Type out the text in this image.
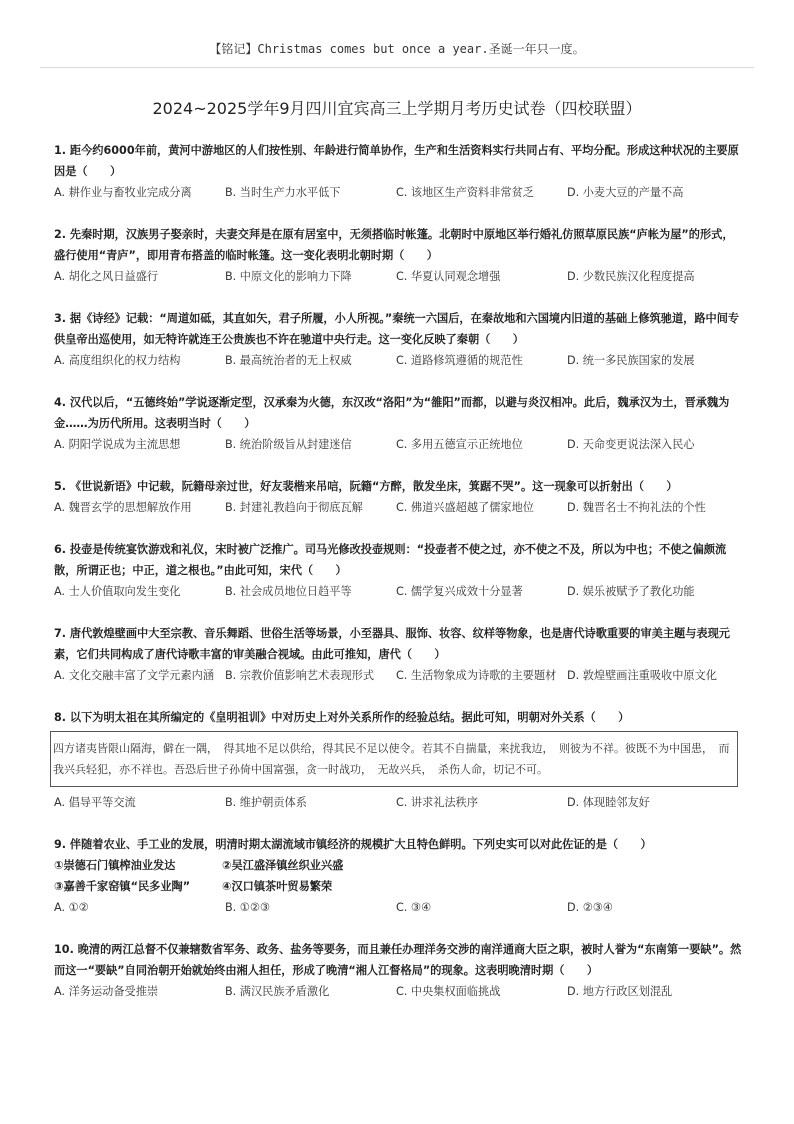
【铭记】Christmas comes but once a year.圣诞一年只一度。
2024~2025学年9月四川宜宾高三上学期月考历史试卷（四校联盟）
1. 距今约6000年前，黄河中游地区的人们按性别、年龄进行简单协作，生产和生活资料实行共同占有、平均分配。形成这种状况的主要原因是（　　）
A. 耕作业与畜牧业完成分离	B. 当时生产力水平低下	C. 该地区生产资料非常贫乏	D. 小麦大豆的产量不高
2. 先秦时期，汉族男子娶亲时，夫妻交拜是在原有居室中，无须搭临时帐篷。北朝时中原地区举行婚礼仿照草原民族“庐帐为屋”的形式，盛行使用“青庐”，即用青布搭盖的临时帐篷。这一变化表明北朝时期（　　）
A. 胡化之风日益盛行	B. 中原文化的影响力下降	C. 华夏认同观念增强	D. 少数民族汉化程度提高
3. 据《诗经》记载：“周道如砥，其直如矢，君子所履，小人所视。”秦统一六国后，在秦故地和六国境内旧道的基础上修筑驰道，路中间专供皇帝出巡使用，如无特许就连王公贵族也不许在驰道中央行走。这一变化反映了秦朝（　　）
A. 高度组织化的权力结构	B. 最高统治者的无上权威	C. 道路修筑遵循的规范性	D. 统一多民族国家的发展
4. 汉代以后，“五德终始”学说逐渐定型，汉承秦为火德，东汉改“洛阳”为“雒阳”而都，以避与炎汉相冲。此后，魏承汉为土，晋承魏为金……为历代所用。这表明当时（　　）
A. 阴阳学说成为主流思想	B. 统治阶级旨从封建迷信	C. 多用五德宣示正统地位	D. 天命变更说法深入民心
5. 《世说新语》中记载，阮籍母亲过世，好友裴楷来吊唁，阮籍“方醉，散发坐床，箕踞不哭”。这一现象可以折射出（　　）
A. 魏晋玄学的思想解放作用	B. 封建礼教趋向于彻底瓦解	C. 佛道兴盛超越了儒家地位	D. 魏晋名士不拘礼法的个性
6. 投壶是传统宴饮游戏和礼仪，宋时被广泛推广。司马光修改投壶规则：“投壶者不使之过，亦不使之不及，所以为中也；不使之偏颇流散，所谓正也；中正，道之根也。”由此可知，宋代（　　）
A. 士人价值取向发生变化	B. 社会成员地位日趋平等	C. 儒学复兴成效十分显著	D. 娱乐被赋予了教化功能
7. 唐代敦煌壁画中大至宗教、音乐舞蹈、世俗生活等场景，小至器具、服饰、妆容、纹样等物象，也是唐代诗歌重要的审美主题与表现元素，它们共同构成了唐代诗歌丰富的审美融合视域。由此可推知，唐代（　　）
A. 文化交融丰富了文学元素内涵 B. 宗教价值影响艺术表现形式	C. 生活物象成为诗歌的主要题材 D. 敦煌壁画注重吸收中原文化
8. 以下为明太祖在其所编定的《皇明祖训》中对历史上对外关系所作的经验总结。据此可知，明朝对外关系（　　）
四方诸夷皆限山隔海，僻在一隅，　得其地不足以供给，得其民不足以使令。若其不自揣量，来扰我边，　则彼为不祥。彼既不为中国患，　而我兴兵轻犯，亦不祥也。吾恐后世子孙倚中国富强，贪一时战功，　无故兴兵，　杀伤人命，切记不可。
A. 倡导平等交流	B. 维护朝贡体系	C. 讲求礼法秩序	D. 体现睦邻友好
9. 伴随着农业、手工业的发展，明清时期太湖流域市镇经济的规模扩大且特色鲜明。下列史实可以对此佐证的是（　　）
①崇德石门镇榨油业发达	②吴江盛泽镇丝织业兴盛
③嘉善千家窑镇“民多业陶”	④汉口镇茶叶贸易繁荣
A. ①②	B. ①②③	C. ③④	D. ②③④
10. 晚清的两江总督不仅兼辖数省军务、政务、盐务等要务，而且兼任办理洋务交涉的南洋通商大臣之职，被时人誉为“东南第一要缺”。然而这一“要缺”自同治朝开始就始终由湘人担任，形成了晚清“湘人江督格局”的现象。这表明晚清时期（　　）
A. 洋务运动备受推崇	B. 满汉民族矛盾激化	C. 中央集权面临挑战	D. 地方行政区划混乱
